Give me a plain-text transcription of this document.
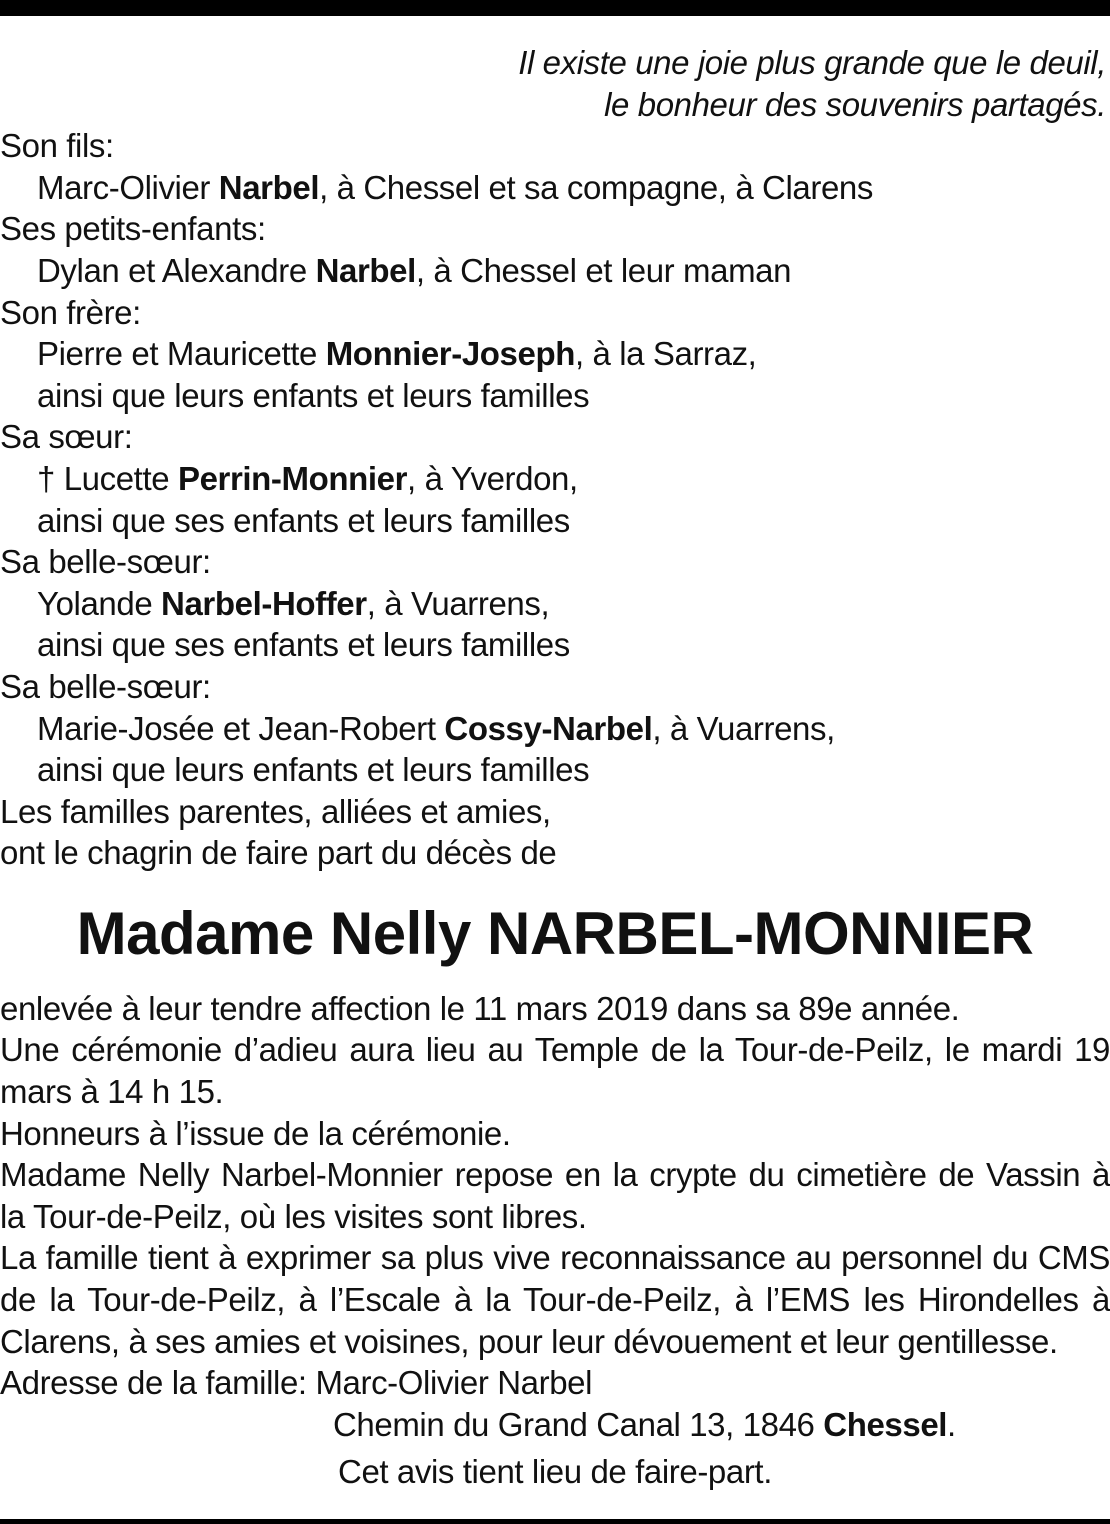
Il existe une joie plus grande que le deuil,
le bonheur des souvenirs partagés.
Son fils:
Marc-Olivier Narbel, à Chessel et sa compagne, à Clarens
Ses petits-enfants:
Dylan et Alexandre Narbel, à Chessel et leur maman
Son frère:
Pierre et Mauricette Monnier-Joseph, à la Sarraz,
ainsi que leurs enfants et leurs familles
Sa sœur:
† Lucette Perrin-Monnier, à Yverdon,
ainsi que ses enfants et leurs familles
Sa belle-sœur:
Yolande Narbel-Hoffer, à Vuarrens,
ainsi que ses enfants et leurs familles
Sa belle-sœur:
Marie-Josée et Jean-Robert Cossy-Narbel, à Vuarrens,
ainsi que leurs enfants et leurs familles
Les familles parentes, alliées et amies,
ont le chagrin de faire part du décès de
Madame Nelly NARBEL-MONNIER
enlevée à leur tendre affection le 11 mars 2019 dans sa 89e année.
Une cérémonie d’adieu aura lieu au Temple de la Tour-de-Peilz, le mardi 19 mars à 14 h 15.
Honneurs à l’issue de la cérémonie.
Madame Nelly Narbel-Monnier repose en la crypte du cimetière de Vassin à la Tour-de-Peilz, où les visites sont libres.
La famille tient à exprimer sa plus vive reconnaissance au personnel du CMS de la Tour-de-Peilz, à l’Escale à la Tour-de-Peilz, à l’EMS les Hirondelles à Clarens, à ses amies et voisines, pour leur dévouement et leur gentillesse.
Adresse de la famille: Marc-Olivier Narbel
Chemin du Grand Canal 13, 1846 Chessel.
Cet avis tient lieu de faire-part.
